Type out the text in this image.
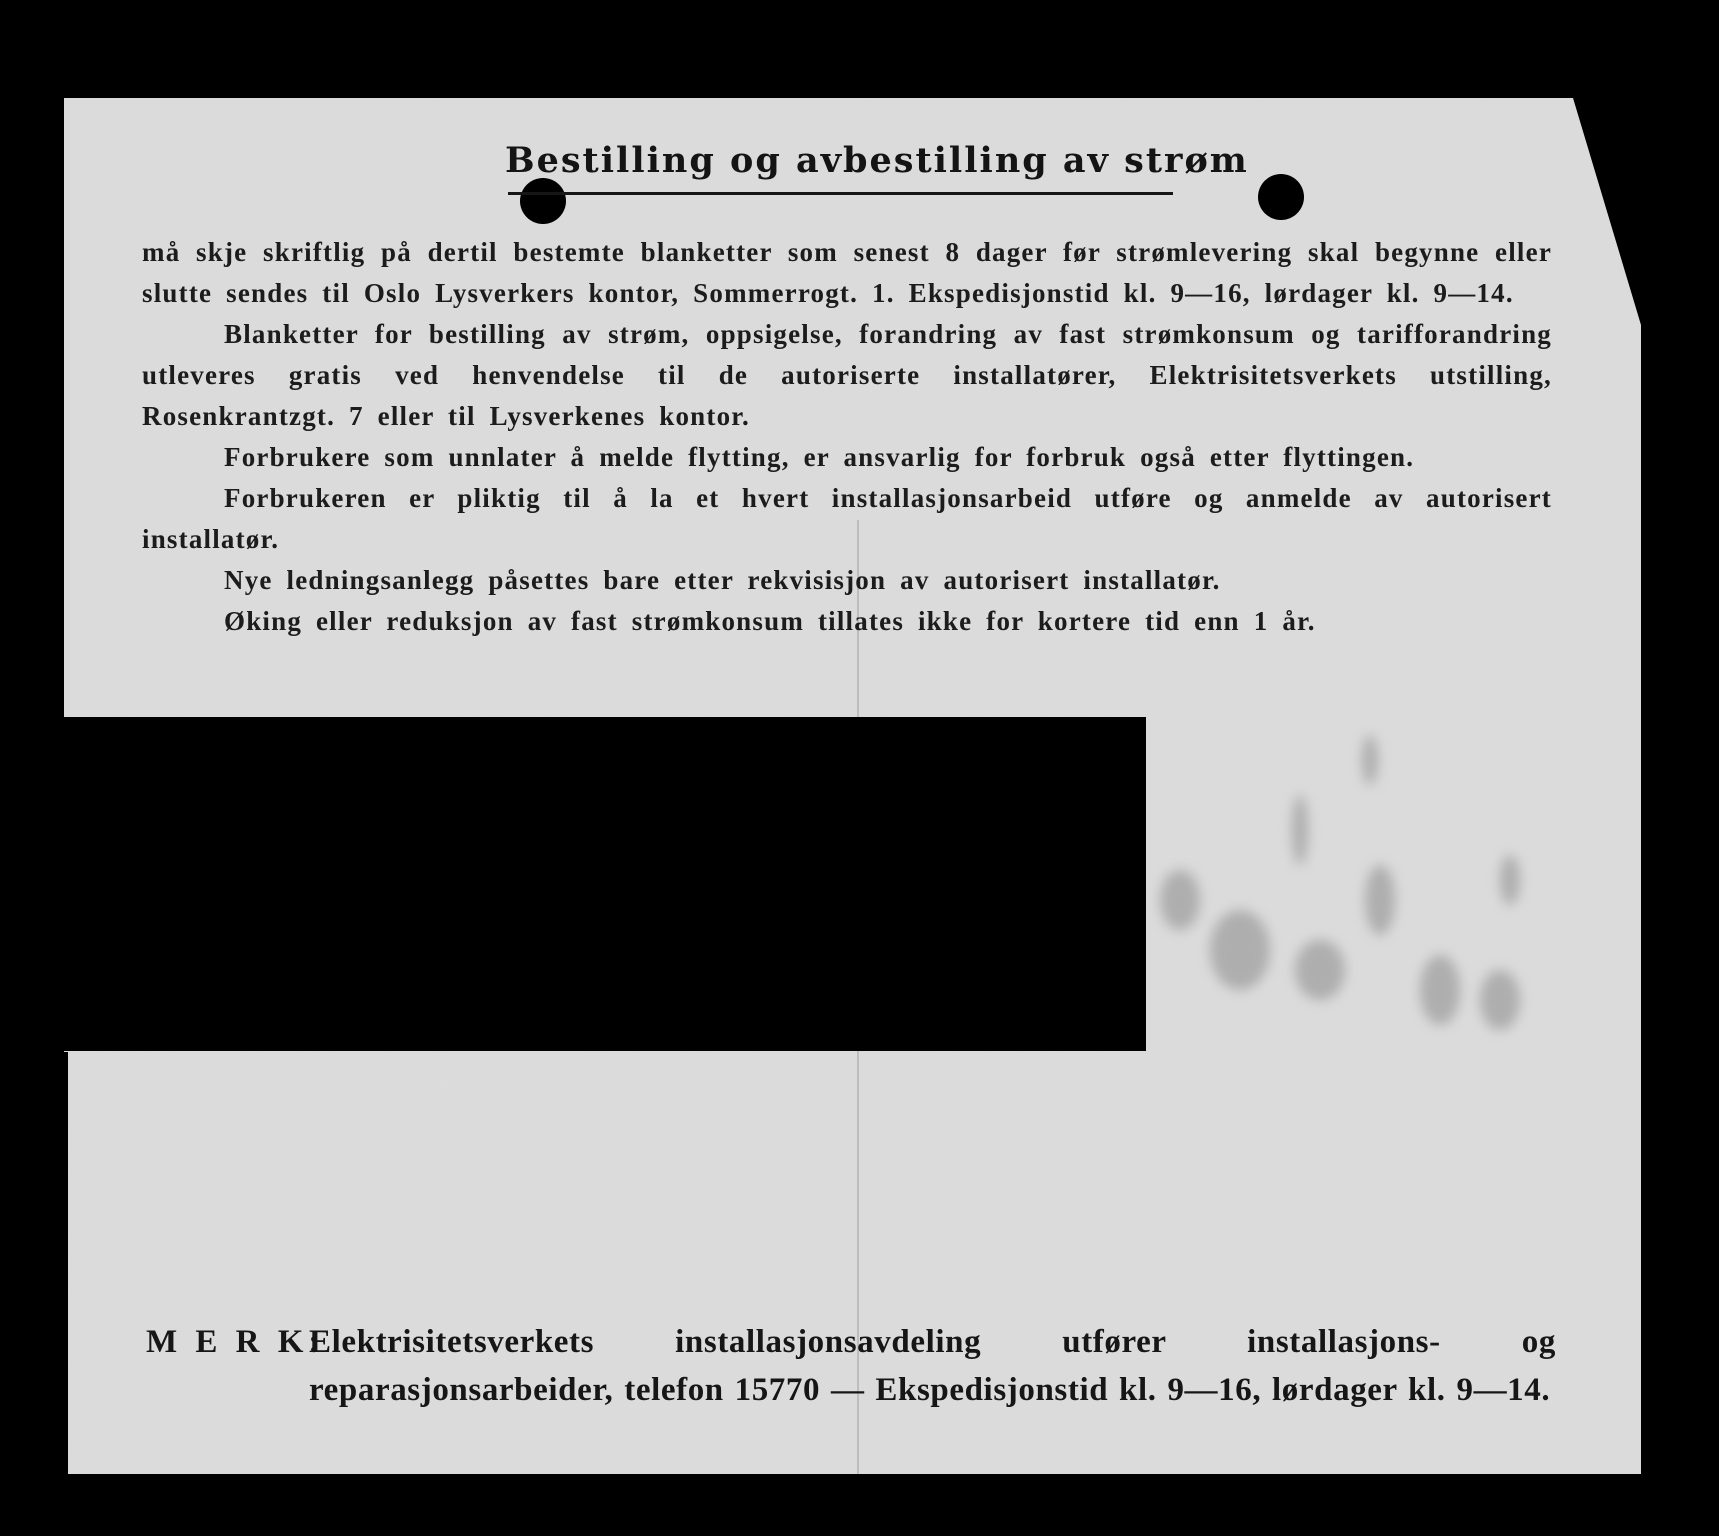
Bestilling og avbestilling av strøm

må skje skriftlig på dertil bestemte blanketter som senest 8 dager før strømlevering skal begynne eller slutte sendes til Oslo Lysverkers kontor, Sommerrogt. 1. Ekspedisjonstid kl. 9—16, lørdager kl. 9—14.

Blanketter for bestilling av strøm, oppsigelse, forandring av fast strømkonsum og tarifforandring utleveres gratis ved henvendelse til de autoriserte installatører, Elektrisitetsverkets utstilling, Rosenkrantzgt. 7 eller til Lysverkenes kontor.

Forbrukere som unnlater å melde flytting, er ansvarlig for forbruk også etter flyttingen.

Forbrukeren er pliktig til å la et hvert installasjonsarbeid utføre og anmelde av autorisert installatør.

Nye ledningsanlegg påsettes bare etter rekvisisjon av autorisert installatør.

Øking eller reduksjon av fast strømkonsum tillates ikke for kortere tid enn 1 år.

M E R K:
Elektrisitetsverkets installasjonsavdeling utfører installasjons- og reparasjonsarbeider, telefon 15770 — Ekspedisjonstid kl. 9—16, lørdager kl. 9—14.
